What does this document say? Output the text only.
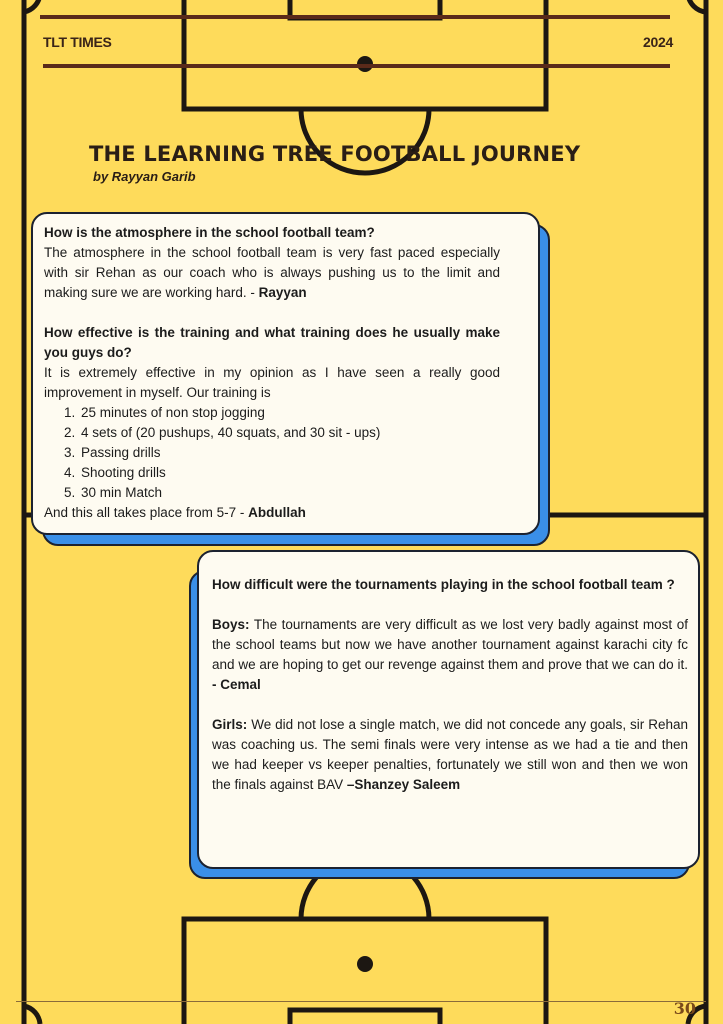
TLT TIMES	2024
THE LEARNING TREE FOOTBALL JOURNEY
by Rayyan Garib

How is the atmosphere in the school football team?

The atmosphere in the school football team is very fast paced especially with sir Rehan as our coach who is always pushing us to the limit and making sure we are working hard. - Rayyan

How effective is the training and what training does he usually make you guys do?

It is extremely effective in my opinion as I have seen a really good improvement in myself. Our training is

1. 25 minutes of non stop jogging
2. 4 sets of (20 pushups, 40 squats, and 30 sit - ups)
3. Passing drills
4. Shooting drills
5. 30 min Match

And this all takes place from 5-7 - Abdullah

How difficult were the tournaments playing in the school football team ?

Boys: The tournaments are very difficult as we lost very badly against most of the school teams but now we have another tournament against karachi city fc and we are hoping to get our revenge against them and prove that we can do it. - Cemal

Girls: We did not lose a single match, we did not concede any goals, sir Rehan was coaching us. The semi finals were very intense as we had a tie and then we had keeper vs keeper penalties, fortunately we still won and then we won the finals against BAV –Shanzey Saleem

30
